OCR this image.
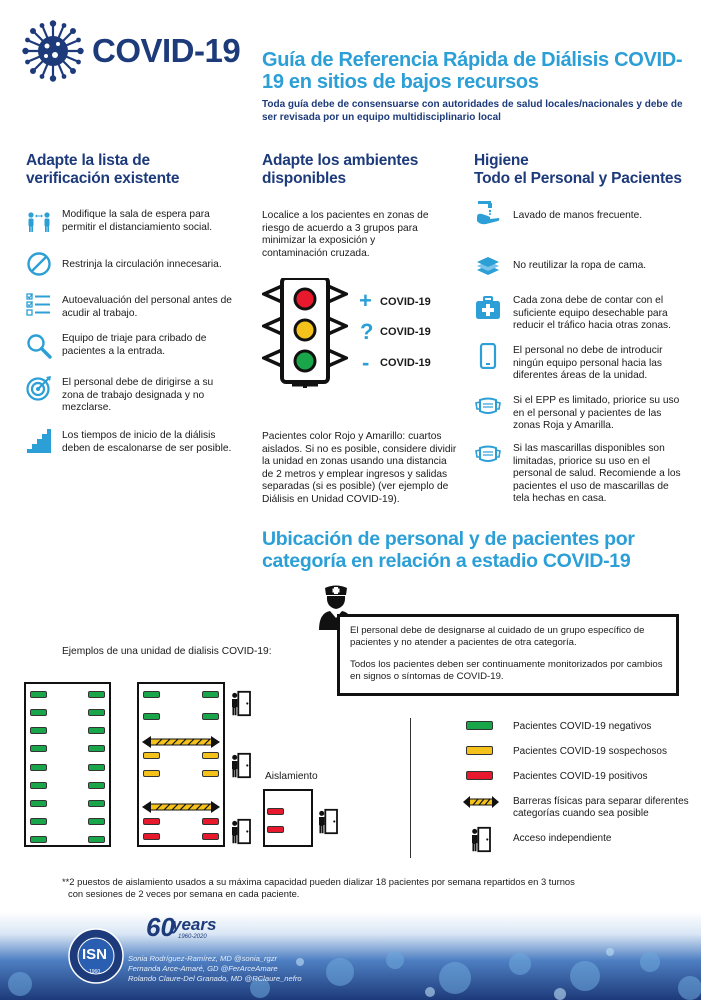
COVID-19 Guía de Referencia Rápida de Diálisis COVID-19 en sitios de bajos recursos
Toda guía debe de consensuarse con autoridades de salud locales/nacionales y debe de ser revisada por un equipo multidisciplinario local
Adapte la lista de
verificación existente
Modifique la sala de espera para permitir el distanciamiento social.
Restrinja la circulación innecesaria.
Autoevaluación del personal antes de acudir al trabajo.
Equipo de triaje para cribado de pacientes a la entrada.
El personal debe de dirigirse a su zona de trabajo designada y no mezclarse.
Los tiempos de inicio de la diálisis deben de escalonarse de ser posible.
Adapte los ambientes
disponibles
Localice a los pacientes en zonas de riesgo de acuerdo a 3 grupos para minimizar la exposición y contaminación cruzada.
+ COVID-19
? COVID-19
- COVID-19
Pacientes color Rojo y Amarillo: cuartos aislados. Si no es posible, considere dividir la unidad en zonas usando una distancia de 2 metros y emplear ingresos y salidas separadas (si es posible) (ver ejemplo de Diálisis en Unidad COVID-19).
Higiene
Todo el Personal y Pacientes
Lavado de manos frecuente.
No reutilizar la ropa de cama.
Cada zona debe de contar con el suficiente equipo desechable para reducir el tráfico hacia otras zonas.
El personal no debe de introducir ningún equipo personal hacia las diferentes áreas de la unidad.
Si el EPP es limitado, priorice su uso en el personal y pacientes de las zonas Roja y Amarilla.
Si las mascarillas disponibles son limitadas, priorice su uso en el personal de salud. Recomiende a los pacientes el uso de mascarillas de tela hechas en casa.
Ubicación de personal y de pacientes por categoría en relación a estadio COVID-19

El personal debe de designarse al cuidado de un grupo específico de pacientes y no atender a pacientes de otra categoría.

Todos los pacientes deben ser continuamente monitorizados por cambios en signos o síntomas de COVID-19.

Ejemplos de una unidad de dialisis COVID-19:
Aislamiento
Pacientes COVID-19 negativos
Pacientes COVID-19 sospechosos
Pacientes COVID-19 positivos
Barreras físicas para separar diferentes
categorías cuando sea posible
Acceso independiente
**2 puestos de aislamiento usados a su máxima capacidad pueden dializar 18 pacientes por semana repartidos en 3 turnos
con sesiones de 2 veces por semana en cada paciente.
ISN
1960
60
years
1960-2020
Sonia Rodríguez-Ramírez, MD @sonia_rgzr
Fernanda Arce-Amaré, GD @FerArceAmare
Rolando Claure-Del Granado, MD @RClaure_nefro
